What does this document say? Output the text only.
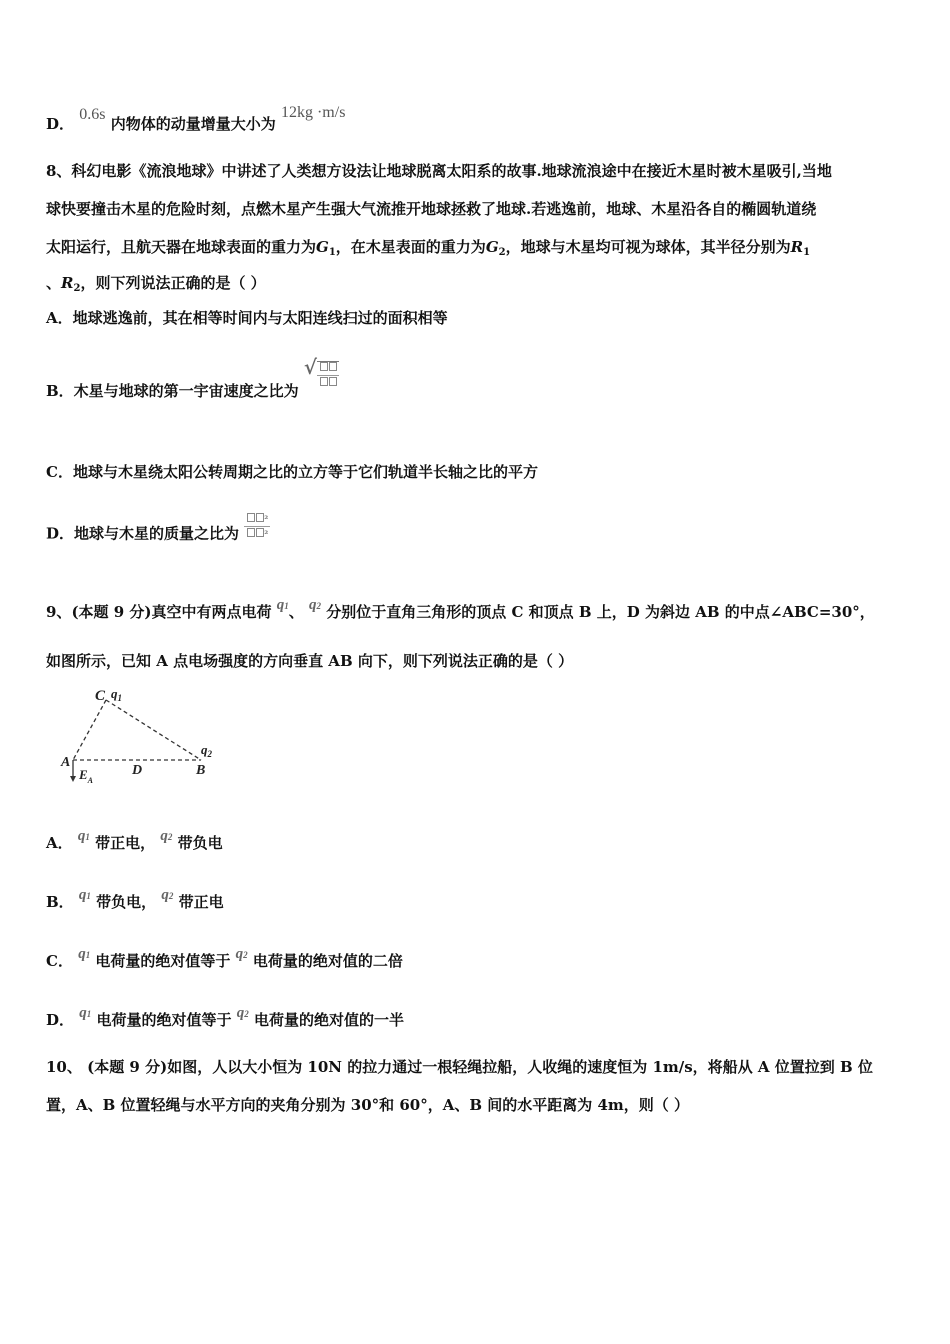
D． 0.6s 内物体的动量增量大小为 12kg ·m/s
8、科幻电影《流浪地球》中讲述了人类想方设法让地球脱离太阳系的故事.地球流浪途中在接近木星时被木星吸引,当地
球快要撞击木星的危险时刻，点燃木星产生强大气流推开地球拯救了地球.若逃逸前，地球、木星沿各自的椭圆轨道绕
太阳运行，且航天器在地球表面的重力为$G_1$，在木星表面的重力为$G_2$，地球与木星均可视为球体，其半径分别为$R_1$
、$R_2$，则下列说法正确的是（ ）
A．地球逃逸前，其在相等时间内与太阳连线扫过的面积相等
B．木星与地球的第一宇宙速度之比为 √
C．地球与木星绕太阳公转周期之比的立方等于它们轨道半长轴之比的平方
D．地球与木星的质量之比为 $\frac{\text{²}}{\text{²}}$
9、(本题 9 分)真空中有两点电荷 q1、 q2 分别位于直角三角形的顶点 C 和顶点 B 上，D 为斜边 AB 的中点∠ABC=30°，
如图所示，已知 A 点电场强度的方向垂直 AB 向下，则下列说法正确的是（ ）
C $q_1$
$q_2$
A
D	B
$E_A$
A． q1 带正电， q2 带负电
B． q1 带负电， q2 带正电
C． q1 电荷量的绝对值等于 q2 电荷量的绝对值的二倍
D． q1 电荷量的绝对值等于 q2 电荷量的绝对值的一半
10、 (本题 9 分)如图，人以大小恒为 10N 的拉力通过一根轻绳拉船，人收绳的速度恒为 1m/s，将船从 A 位置拉到 B 位
置，A、B 位置轻绳与水平方向的夹角分别为 30°和 60°，A、B 间的水平距离为 4m，则（ ）
